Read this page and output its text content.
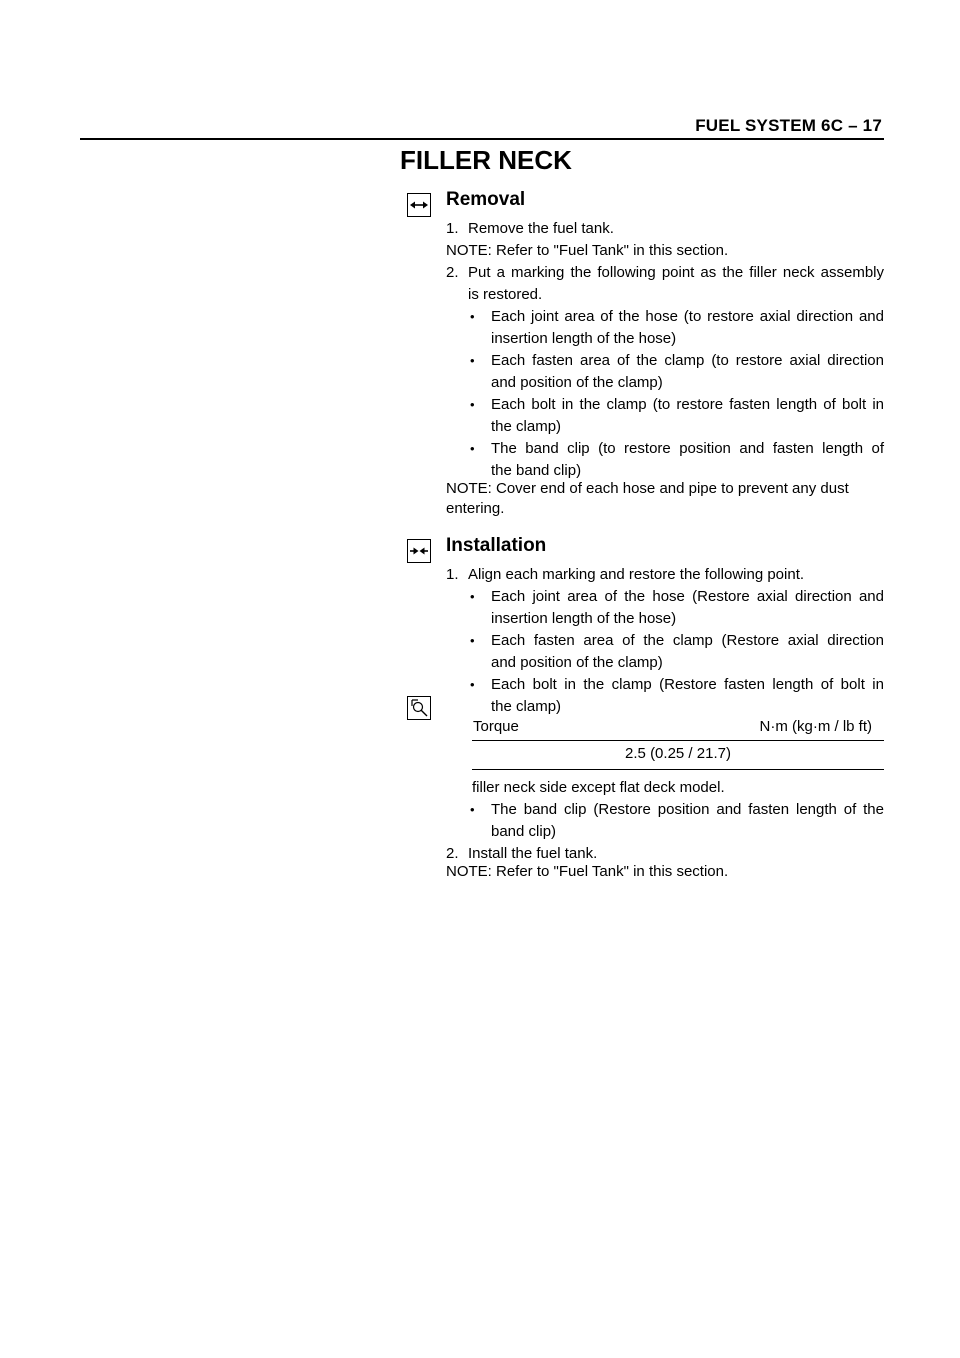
FUEL SYSTEM 6C – 17
FILLER NECK
Removal
1. Remove the fuel tank.
NOTE: Refer to "Fuel Tank" in this section.
2. Put a marking the following point as the filler neck assembly
is restored.
• Each joint area of the hose (to restore axial direction and
insertion length of the hose)
• Each fasten area of the clamp (to restore axial direction
and position of the clamp)
• Each bolt in the clamp (to restore fasten length of bolt in
the clamp)
• The band clip (to restore position and fasten length of
the band clip)
NOTE: Cover end of each hose and pipe to prevent any dust
entering.
Installation
1. Align each marking and restore the following point.
• Each joint area of the hose (Restore axial direction and
insertion length of the hose)
• Each fasten area of the clamp (Restore axial direction
and position of the clamp)
• Each bolt in the clamp (Restore fasten length of bolt in
the clamp)
Torque	N·m (kg·m / lb ft)
2.5 (0.25 / 21.7)
filler neck side except flat deck model.
• The band clip (Restore position and fasten length of the
band clip)
2. Install the fuel tank.
NOTE: Refer to "Fuel Tank" in this section.
